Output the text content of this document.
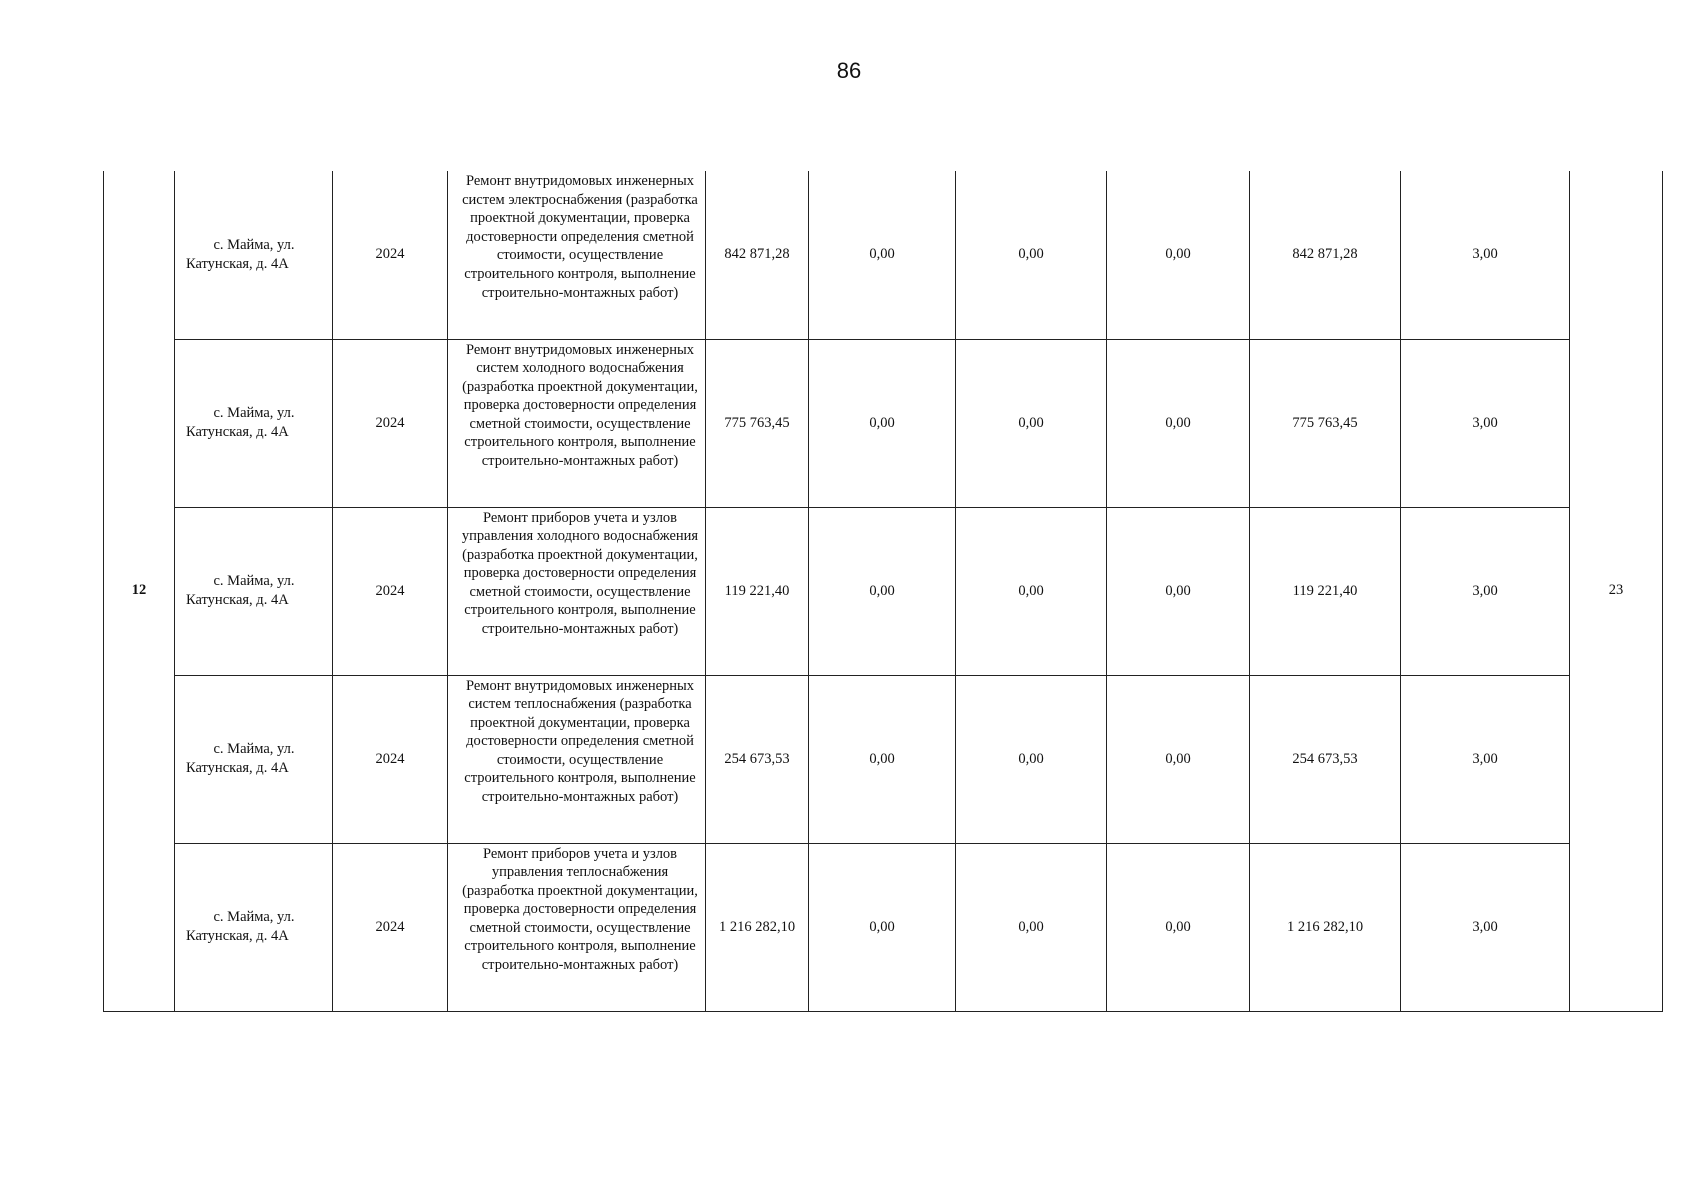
86
12	с. Майма, ул. Катунская, д. 4А	2024	Ремонт внутридомовых инженерных систем электроснабжения (разработка проектной документации, проверка достоверности определения сметной стоимости, осуществление строительного контроля, выполнение строительно-монтажных работ)	842 871,28	0,00	0,00	0,00	842 871,28	3,00	23
	с. Майма, ул. Катунская, д. 4А	2024	Ремонт внутридомовых инженерных систем холодного водоснабжения (разработка проектной документации, проверка достоверности определения сметной стоимости, осуществление строительного контроля, выполнение строительно-монтажных работ)	775 763,45	0,00	0,00	0,00	775 763,45	3,00	
	с. Майма, ул. Катунская, д. 4А	2024	Ремонт приборов учета и узлов управления холодного водоснабжения (разработка проектной документации, проверка достоверности определения сметной стоимости, осуществление строительного контроля, выполнение строительно-монтажных работ)	119 221,40	0,00	0,00	0,00	119 221,40	3,00	
	с. Майма, ул. Катунская, д. 4А	2024	Ремонт внутридомовых инженерных систем теплоснабжения (разработка проектной документации, проверка достоверности определения сметной стоимости, осуществление строительного контроля, выполнение строительно-монтажных работ)	254 673,53	0,00	0,00	0,00	254 673,53	3,00	
	с. Майма, ул. Катунская, д. 4А	2024	Ремонт приборов учета и узлов управления теплоснабжения (разработка проектной документации, проверка достоверности определения сметной стоимости, осуществление строительного контроля, выполнение строительно-монтажных работ)	1 216 282,10	0,00	0,00	0,00	1 216 282,10	3,00	
